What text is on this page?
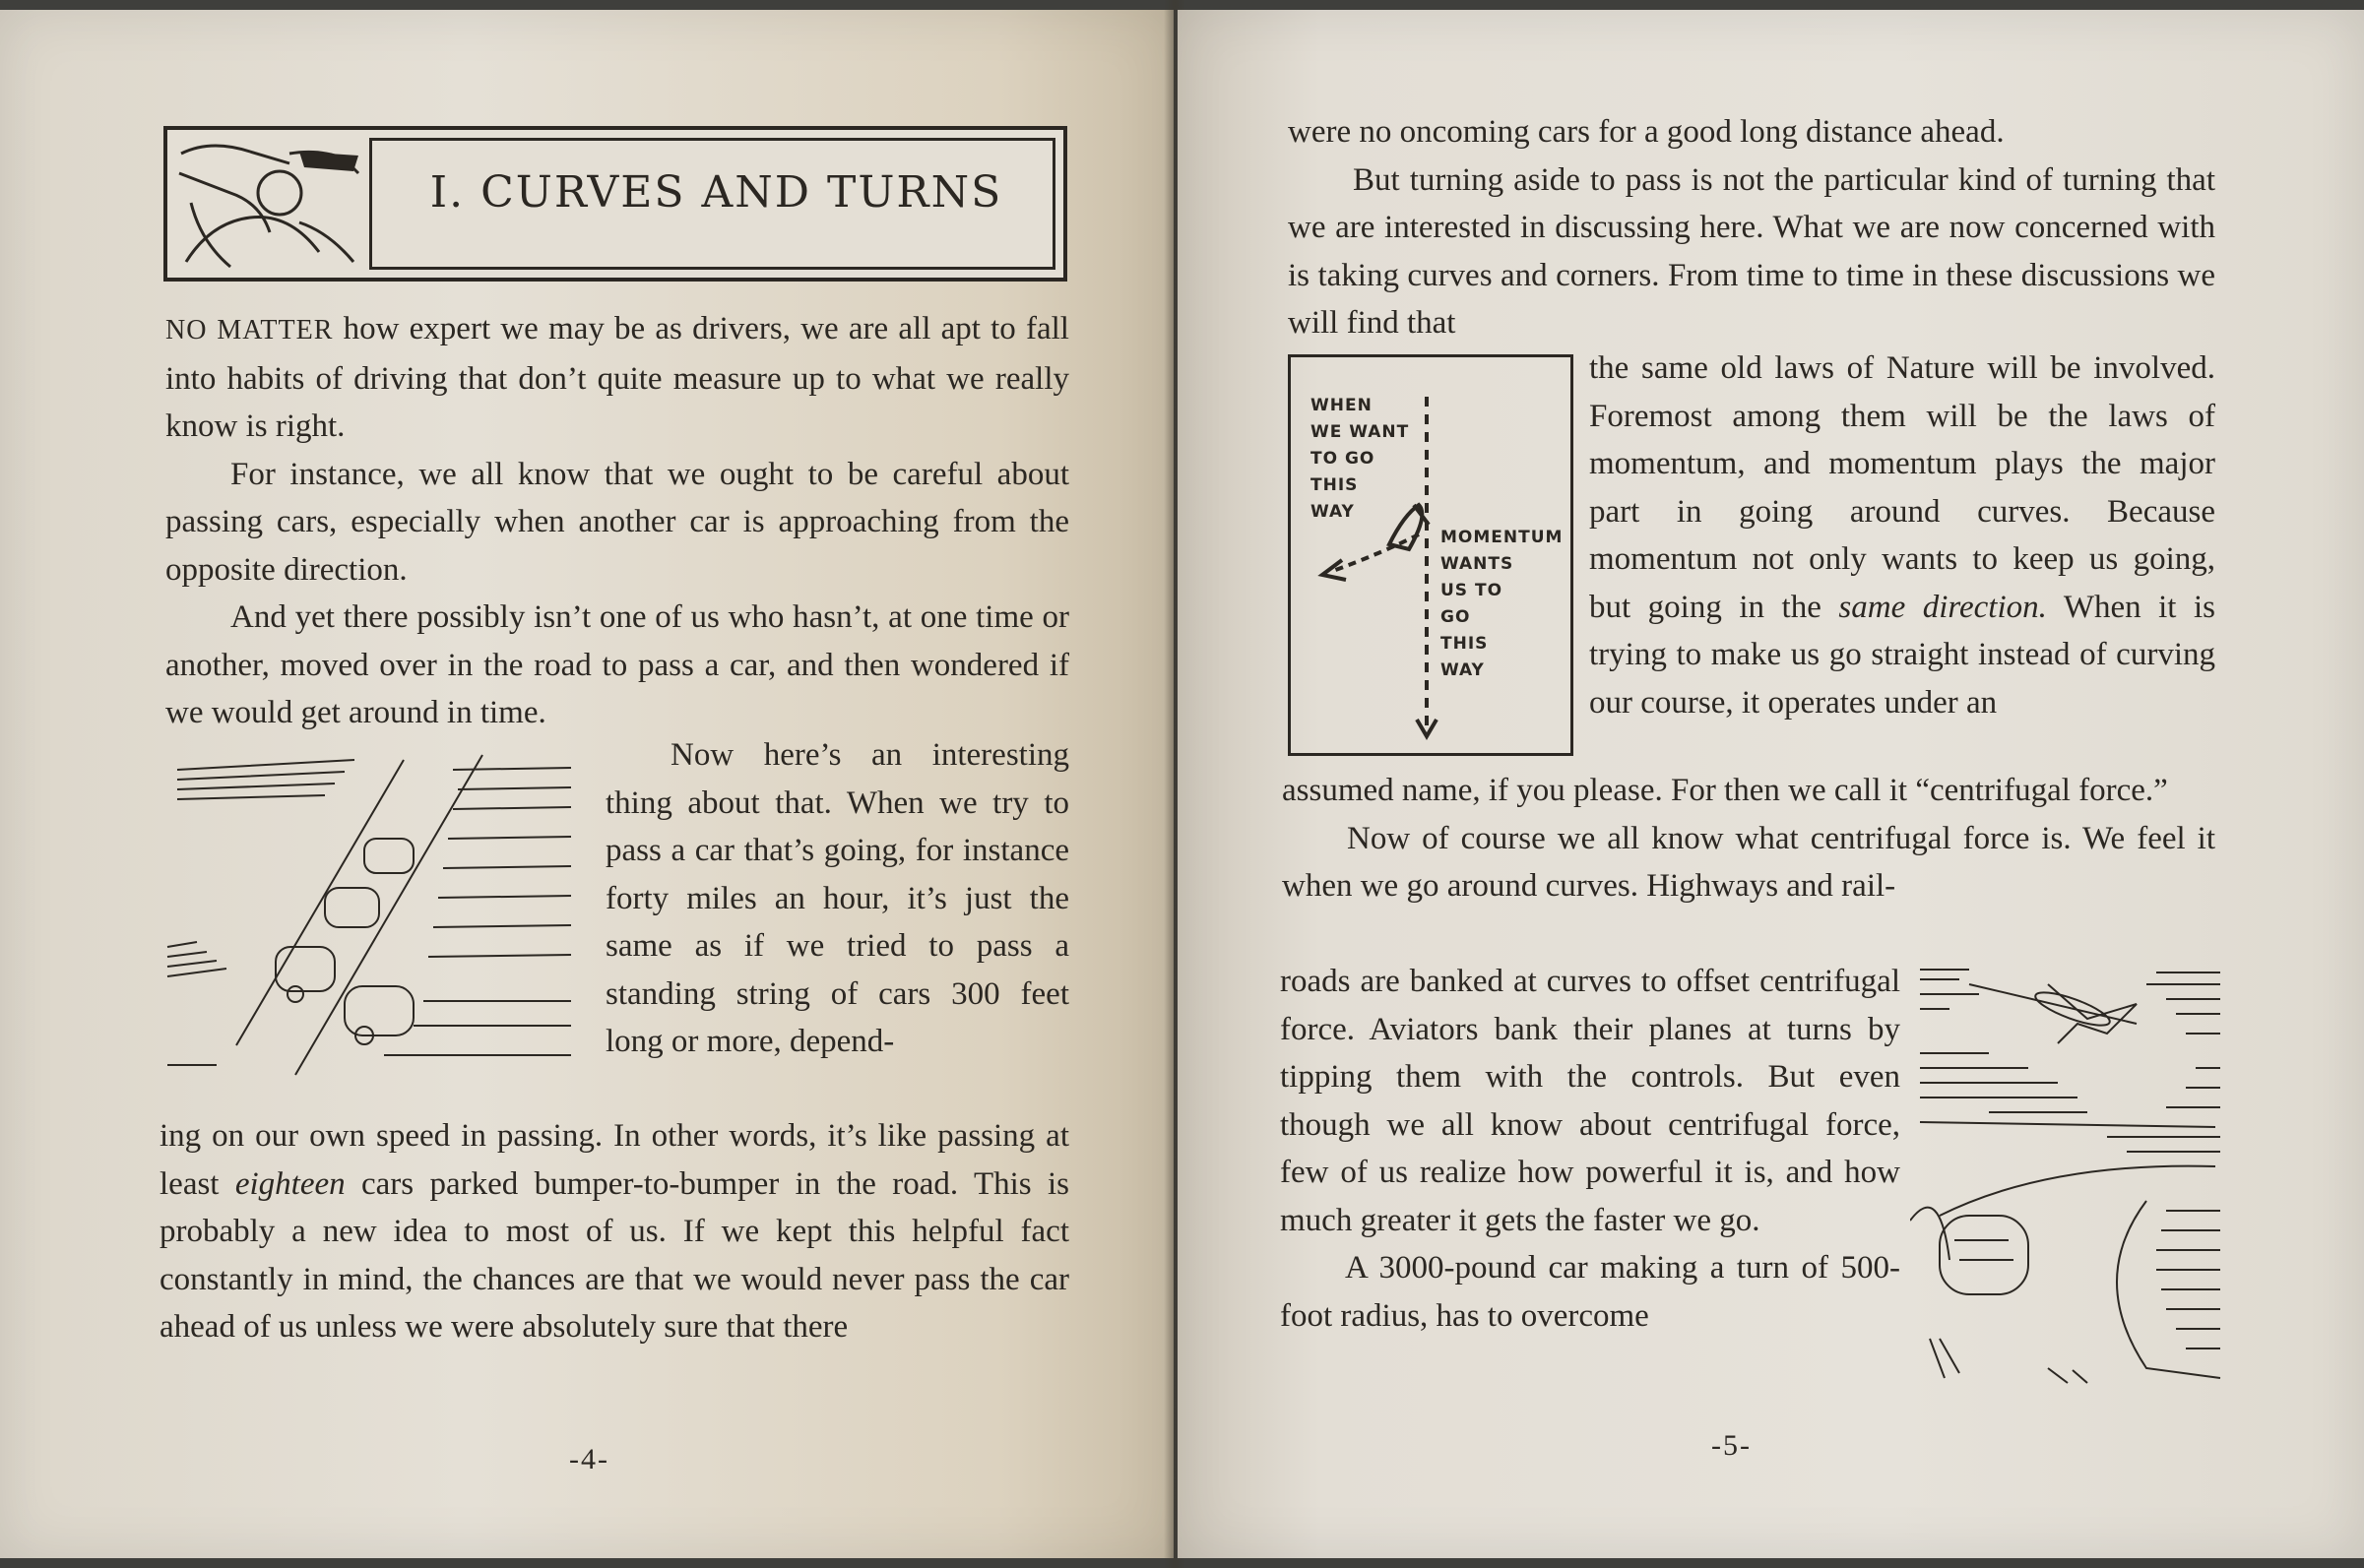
I. CURVES AND TURNS

NO MATTER how expert we may be as drivers, we are all apt to fall into habits of driving that don’t quite measure up to what we really know is right.

For instance, we all know that we ought to be careful about passing cars, especially when another car is approaching from the opposite direction.

And yet there possibly isn’t one of us who hasn’t, at one time or another, moved over in the road to pass a car, and then wondered if we would get around in time.

Now here’s an interesting thing about that. When we try to pass a car that’s going, for instance forty miles an hour, it’s just the same as if we tried to pass a standing string of cars 300 feet long or more, depend-

ing on our own speed in passing. In other words, it’s like passing at least eighteen cars parked bumper-to-bumper in the road. This is probably a new idea to most of us. If we kept this helpful fact constantly in mind, the chances are that we would never pass the car ahead of us unless we were absolutely sure that there

-4-

were no oncoming cars for a good long distance ahead.

But turning aside to pass is not the particular kind of turning that we are interested in discussing here. What we are now concerned with is taking curves and corners. From time to time in these discussions we will find that

WHEN
WE WANT
TO GO
THIS
WAY
MOMENTUM
WANTS
US TO
GO
THIS
WAY

the same old laws of Nature will be involved. Foremost among them will be the laws of momentum, and momentum plays the major part in going around curves. Because momentum not only wants to keep us going, but going in the same direction. When it is trying to make us go straight instead of curving our course, it operates under an

assumed name, if you please. For then we call it “centrifugal force.”

Now of course we all know what centrifugal force is. We feel it when we go around curves. Highways and rail-

roads are banked at curves to offset centrifugal force. Aviators bank their planes at turns by tipping them with the controls. But even though we all know about centrifugal force, few of us realize how powerful it is, and how much greater it gets the faster we go.

A 3000-pound car making a turn of 500-foot radius, has to overcome

-5-
